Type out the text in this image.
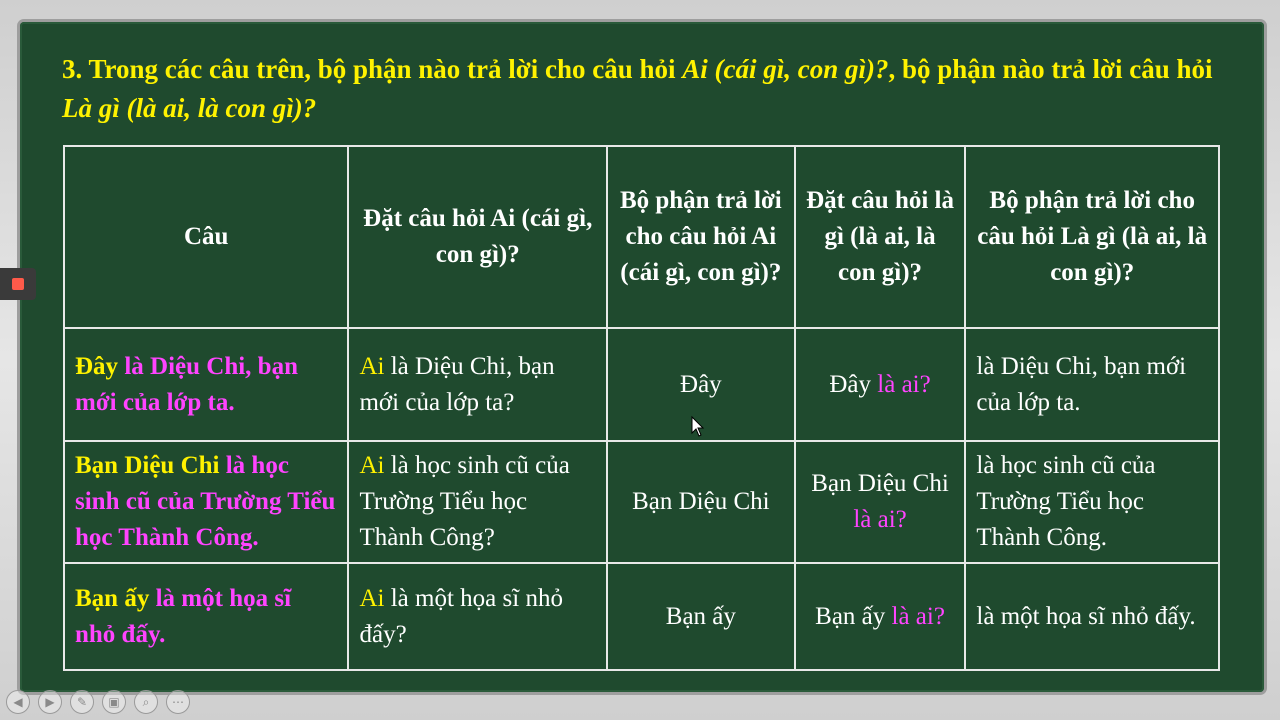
3. Trong các câu trên, bộ phận nào trả lời cho câu hỏi Ai (cái gì, con gì)?, bộ phận nào trả lời câu hỏi Là gì (là ai, là con gì)?
Câu	Đặt câu hỏi Ai (cái gì, con gì)?	Bộ phận trả lời cho câu hỏi Ai (cái gì, con gì)?	Đặt câu hỏi là gì (là ai, là con gì)?	Bộ phận trả lời cho câu hỏi Là gì (là ai, là con gì)?
Đây là Diệu Chi, bạn mới của lớp ta.	Ai là Diệu Chi, bạn mới của lớp ta?	Đây	Đây là ai?	là Diệu Chi, bạn mới của lớp ta.
Bạn Diệu Chi là học sinh cũ của Trường Tiểu học Thành Công.	Ai là học sinh cũ của Trường Tiểu học Thành Công?	Bạn Diệu Chi	Bạn Diệu Chi là ai?	là học sinh cũ của Trường Tiểu học Thành Công.
Bạn ấy là một họa sĩ nhỏ đấy.	Ai là một họa sĩ nhỏ đấy?	Bạn ấy	Bạn ấy là ai?	là một họa sĩ nhỏ đấy.
◀	▶	✎	▣	⌕	⋯
